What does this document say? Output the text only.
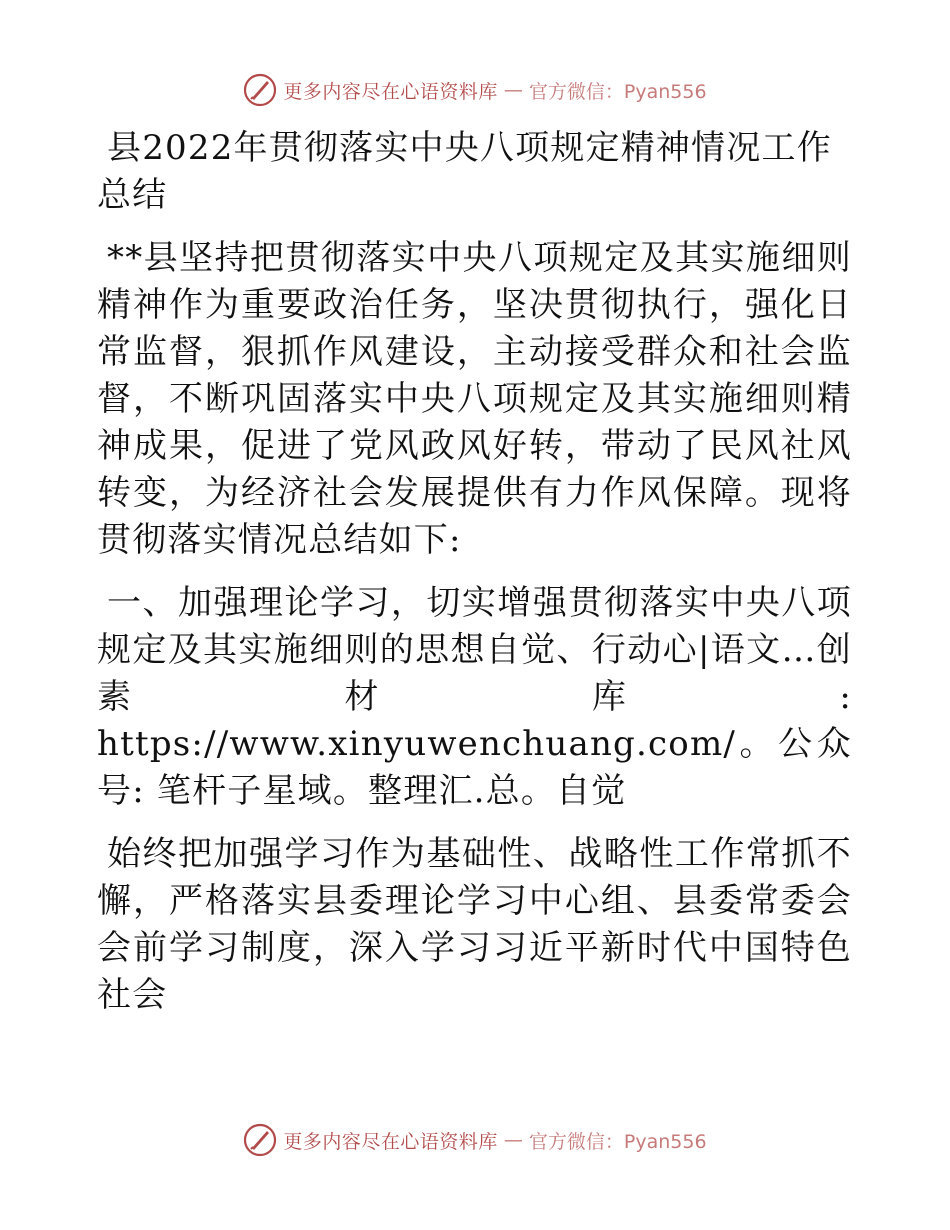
更多内容尽在心语资料库 — 官方微信：Pyan556
县2022年贯彻落实中央八项规定精神情况工作总结

**县坚持把贯彻落实中央八项规定及其实施细则精神作为重要政治任务，坚决贯彻执行，强化日常监督，狠抓作风建设，主动接受群众和社会监督，不断巩固落实中央八项规定及其实施细则精神成果，促进了党风政风好转，带动了民风社风转变，为经济社会发展提供有力作风保障。现将贯彻落实情况总结如下:

一、加强理论学习，切实增强贯彻落实中央八项规定及其实施细则的思想自觉、行动心|语文…创素材库: https://www.xinyuwenchuang.com/。公众号: 笔杆子星域。整理汇.总。自觉

始终把加强学习作为基础性、战略性工作常抓不懈，严格落实县委理论学习中心组、县委常委会会前学习制度，深入学习习近平新时代中国特色社会

更多内容尽在心语资料库 — 官方微信：Pyan556
